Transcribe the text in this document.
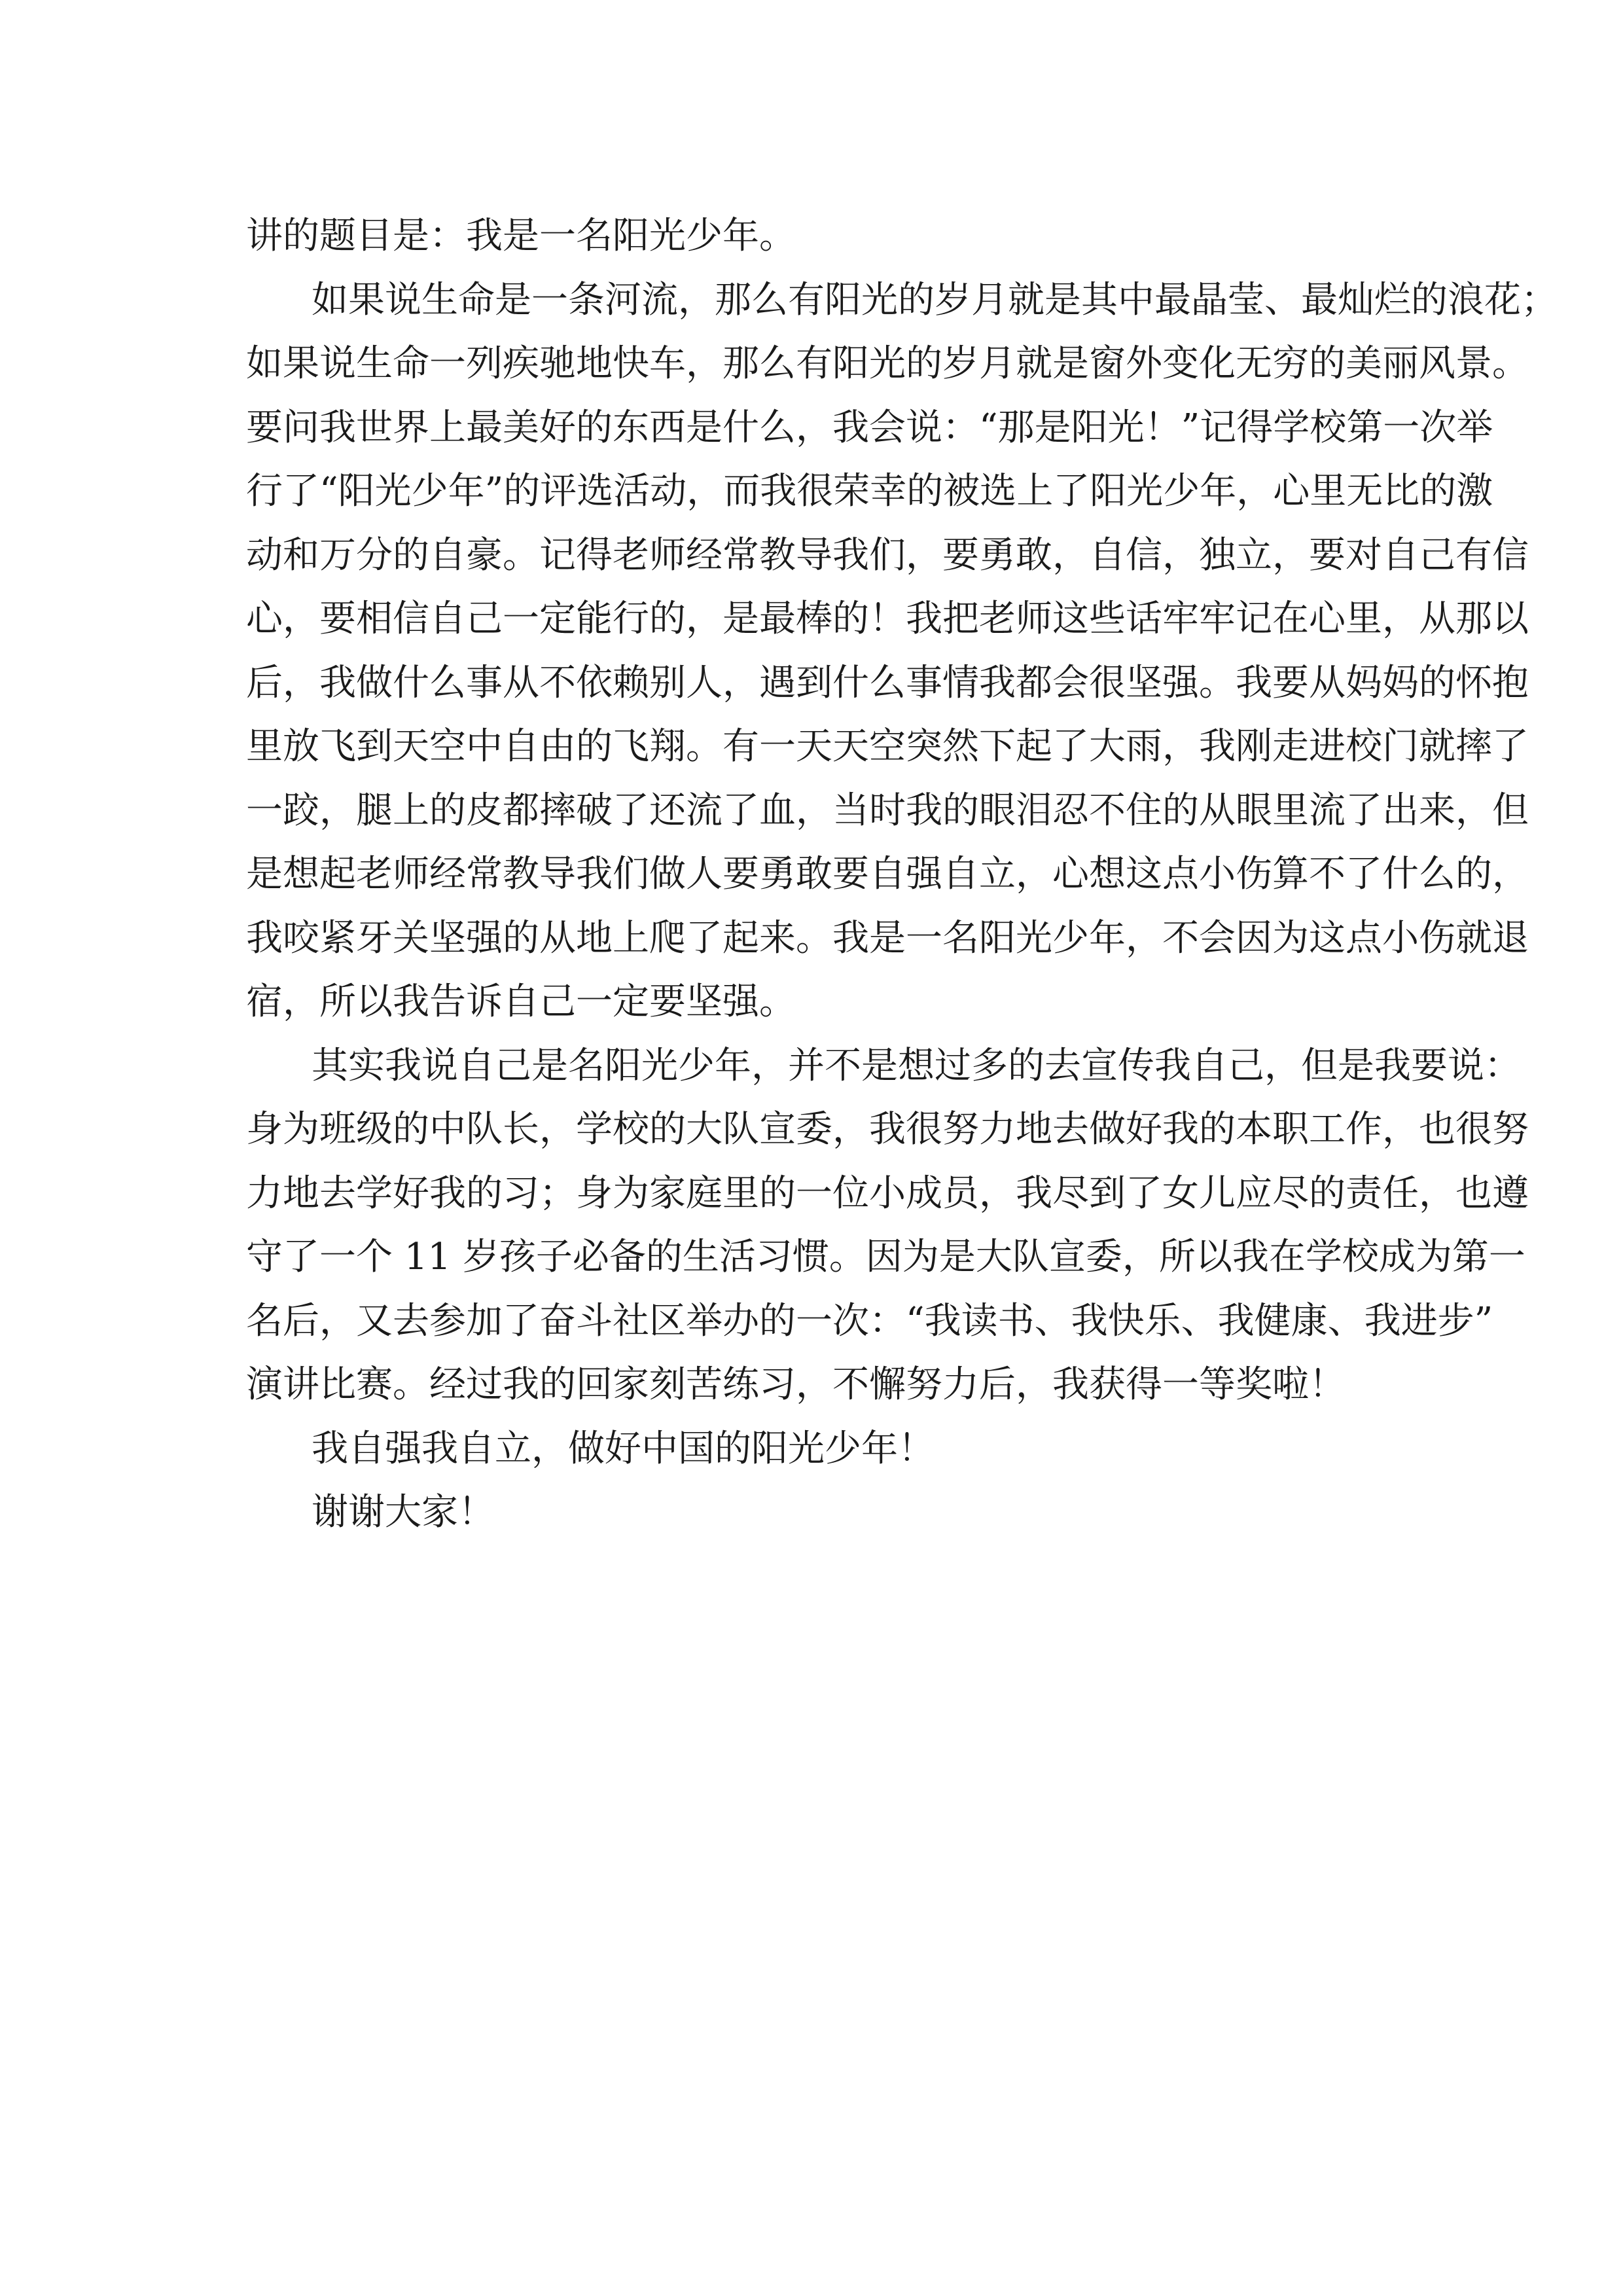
讲的题目是：我是一名阳光少年。
如果说生命是一条河流，那么有阳光的岁月就是其中最晶莹、最灿烂的浪花；
如果说生命一列疾驰地快车，那么有阳光的岁月就是窗外变化无穷的美丽风景。
要问我世界上最美好的东西是什么，我会说：“那是阳光！”记得学校第一次举
行了“阳光少年”的评选活动，而我很荣幸的被选上了阳光少年，心里无比的激
动和万分的自豪。记得老师经常教导我们，要勇敢，自信，独立，要对自己有信
心，要相信自己一定能行的，是最棒的！我把老师这些话牢牢记在心里，从那以
后，我做什么事从不依赖别人，遇到什么事情我都会很坚强。我要从妈妈的怀抱
里放飞到天空中自由的飞翔。有一天天空突然下起了大雨，我刚走进校门就摔了
一跤，腿上的皮都摔破了还流了血，当时我的眼泪忍不住的从眼里流了出来，但
是想起老师经常教导我们做人要勇敢要自强自立，心想这点小伤算不了什么的，
我咬紧牙关坚强的从地上爬了起来。我是一名阳光少年，不会因为这点小伤就退
宿，所以我告诉自己一定要坚强。
其实我说自己是名阳光少年，并不是想过多的去宣传我自己，但是我要说：
身为班级的中队长，学校的大队宣委，我很努力地去做好我的本职工作，也很努
力地去学好我的习；身为家庭里的一位小成员，我尽到了女儿应尽的责任，也遵
守了一个 11 岁孩子必备的生活习惯。因为是大队宣委，所以我在学校成为第一
名后，又去参加了奋斗社区举办的一次：“我读书、我快乐、我健康、我进步”
演讲比赛。经过我的回家刻苦练习，不懈努力后，我获得一等奖啦！
我自强我自立，做好中国的阳光少年！
谢谢大家！
